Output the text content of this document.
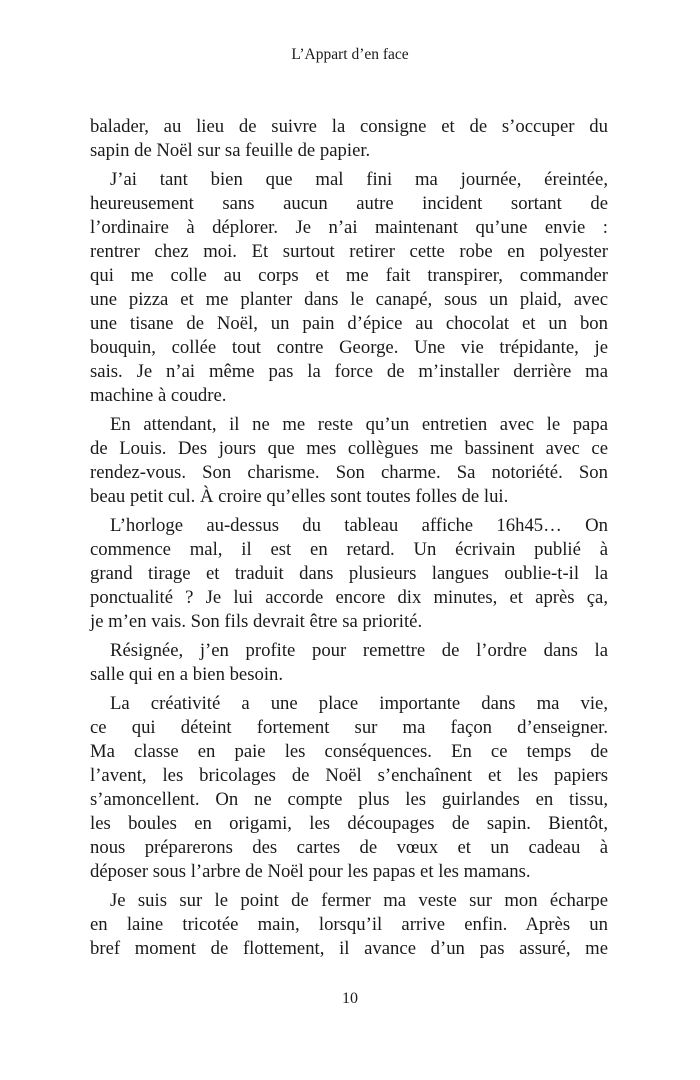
L’Appart d’en face
balader, au lieu de suivre la consigne et de s’occuper du
sapin de Noël sur sa feuille de papier.
J’ai tant bien que mal fini ma journée, éreintée,
heureusement sans aucun autre incident sortant de
l’ordinaire à déplorer. Je n’ai maintenant qu’une envie :
rentrer chez moi. Et surtout retirer cette robe en polyester
qui me colle au corps et me fait transpirer, commander
une pizza et me planter dans le canapé, sous un plaid, avec
une tisane de Noël, un pain d’épice au chocolat et un bon
bouquin, collée tout contre George. Une vie trépidante, je
sais. Je n’ai même pas la force de m’installer derrière ma
machine à coudre.
En attendant, il ne me reste qu’un entretien avec le papa
de Louis. Des jours que mes collègues me bassinent avec ce
rendez-vous. Son charisme. Son charme. Sa notoriété. Son
beau petit cul. À croire qu’elles sont toutes folles de lui.
L’horloge au-dessus du tableau affiche 16h45… On
commence mal, il est en retard. Un écrivain publié à
grand tirage et traduit dans plusieurs langues oublie-t-il la
ponctualité ? Je lui accorde encore dix minutes, et après ça,
je m’en vais. Son fils devrait être sa priorité.
Résignée, j’en profite pour remettre de l’ordre dans la
salle qui en a bien besoin.
La créativité a une place importante dans ma vie,
ce qui déteint fortement sur ma façon d’enseigner.
Ma classe en paie les conséquences. En ce temps de
l’avent, les bricolages de Noël s’enchaînent et les papiers
s’amoncellent. On ne compte plus les guirlandes en tissu,
les boules en origami, les découpages de sapin. Bientôt,
nous préparerons des cartes de vœux et un cadeau à
déposer sous l’arbre de Noël pour les papas et les mamans.
Je suis sur le point de fermer ma veste sur mon écharpe
en laine tricotée main, lorsqu’il arrive enfin. Après un
bref moment de flottement, il avance d’un pas assuré, me
10
